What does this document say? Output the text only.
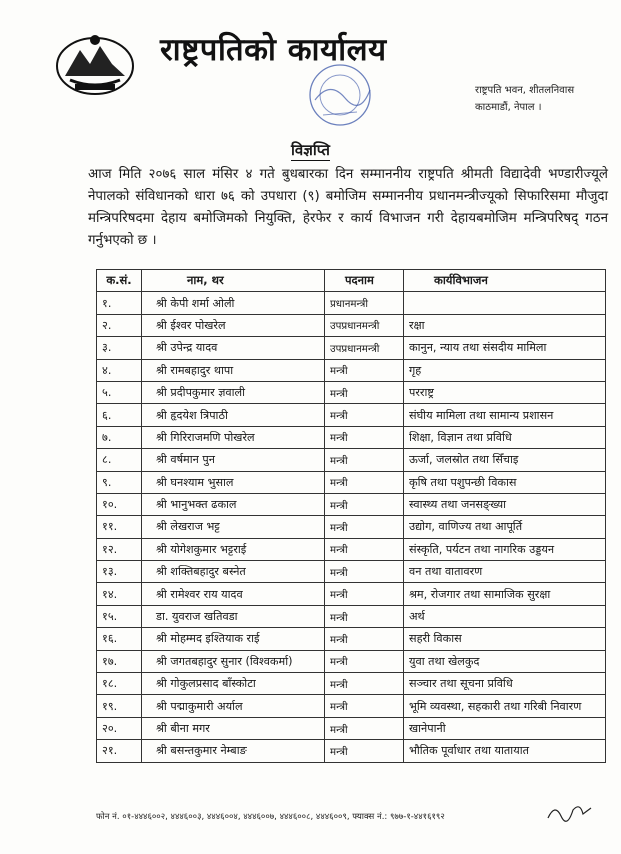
राष्ट्रपतिको कार्यालय
राष्ट्रपति भवन, शीतलनिवास
काठमाडौं, नेपाल ।
विज्ञप्ति
आज मिति २०७६ साल मंसिर ४ गते बुधबारका दिन सम्माननीय राष्ट्रपति श्रीमती विद्यादेवी भण्डारीज्यूले नेपालको संविधानको धारा ७६ को उपधारा (९) बमोजिम सम्माननीय प्रधानमन्त्रीज्यूको सिफारिसमा मौजुदा मन्त्रिपरिषदमा देहाय बमोजिमको नियुक्ति, हेरफेर र कार्य विभाजन गरी देहायबमोजिम मन्त्रिपरिषद् गठन गर्नुभएको छ ।
क.सं.	नाम, थर	पदनाम	कार्यविभाजन
१.	श्री केपी शर्मा ओली	प्रधानमन्त्री	
२.	श्री ईश्वर पोखरेल	उपप्रधानमन्त्री	रक्षा
३.	श्री उपेन्द्र यादव	उपप्रधानमन्त्री	कानुन, न्याय तथा संसदीय मामिला
४.	श्री रामबहादुर थापा	मन्त्री	गृह
५.	श्री प्रदीपकुमार ज्ञवाली	मन्त्री	परराष्ट्र
६.	श्री हृदयेश त्रिपाठी	मन्त्री	संघीय मामिला तथा सामान्य प्रशासन
७.	श्री गिरिराजमणि पोखरेल	मन्त्री	शिक्षा, विज्ञान तथा प्रविधि
८.	श्री वर्षमान पुन	मन्त्री	ऊर्जा, जलस्रोत तथा सिँचाइ
९.	श्री घनश्याम भुसाल	मन्त्री	कृषि तथा पशुपन्छी विकास
१०.	श्री भानुभक्त ढकाल	मन्त्री	स्वास्थ्य तथा जनसङ्ख्या
११.	श्री लेखराज भट्ट	मन्त्री	उद्योग, वाणिज्य तथा आपूर्ति
१२.	श्री योगेशकुमार भट्टराई	मन्त्री	संस्कृति, पर्यटन तथा नागरिक उड्डयन
१३.	श्री शक्तिबहादुर बस्नेत	मन्त्री	वन तथा वातावरण
१४.	श्री रामेश्वर राय यादव	मन्त्री	श्रम, रोजगार तथा सामाजिक सुरक्षा
१५.	डा. युवराज खतिवडा	मन्त्री	अर्थ
१६.	श्री मोहम्मद इश्तियाक राई	मन्त्री	सहरी विकास
१७.	श्री जगतबहादुर सुनार (विश्वकर्मा)	मन्त्री	युवा तथा खेलकुद
१८.	श्री गोकुलप्रसाद बाँस्कोटा	मन्त्री	सञ्चार तथा सूचना प्रविधि
१९.	श्री पद्माकुमारी अर्याल	मन्त्री	भूमि व्यवस्था, सहकारी तथा गरिबी निवारण
२०.	श्री बीना मगर	मन्त्री	खानेपानी
२१.	श्री बसन्तकुमार नेम्बाङ	मन्त्री	भौतिक पूर्वाधार तथा यातायात
फोन नं. ०१-४४४६००२, ४४४६००३, ४४४६००४, ४४४६००७, ४४४६००८, ४४४६००९, फ्याक्स नं.: ९७७-१-४४१६१९२
